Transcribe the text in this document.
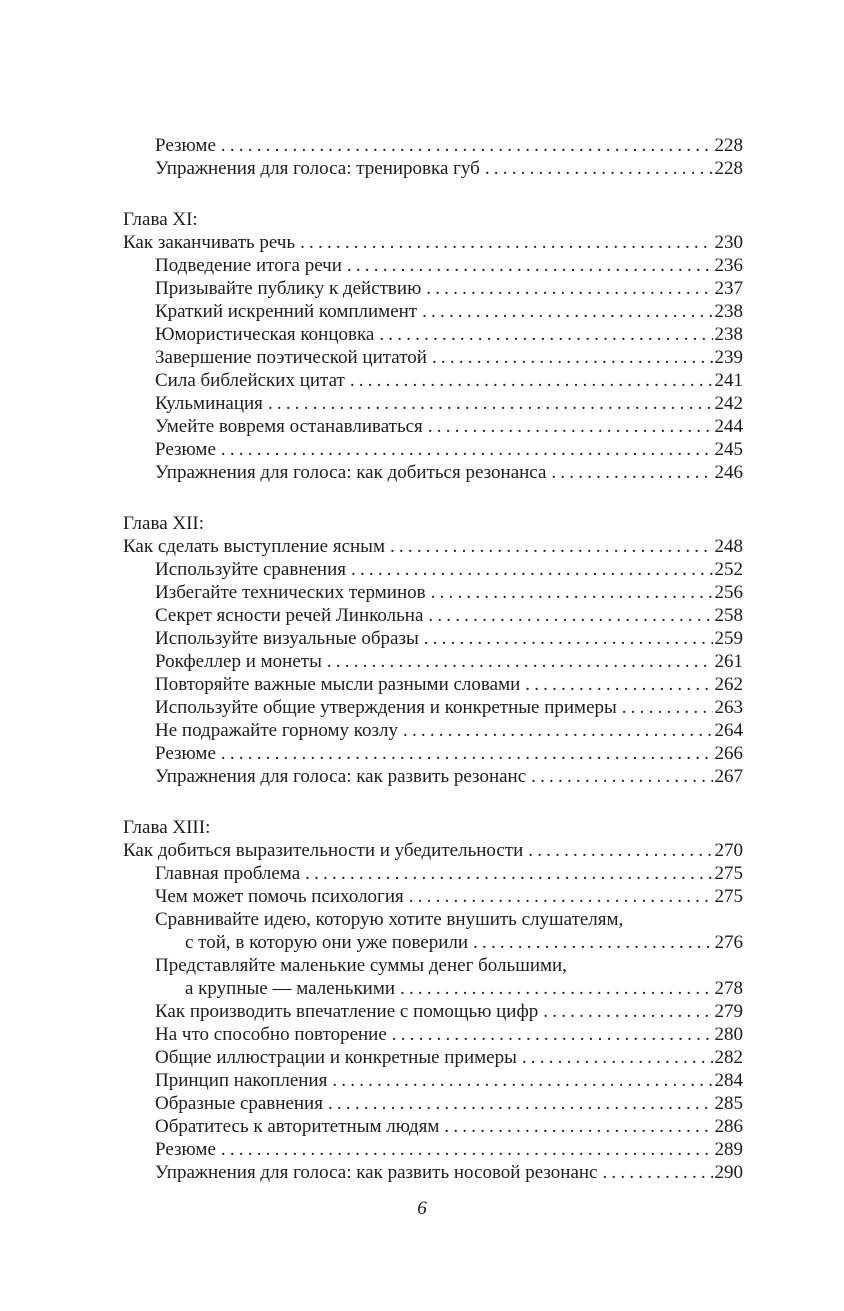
Резюме .....	228
Упражнения для голоса: тренировка губ .....	228
Глава XI:
Как заканчивать речь .....	230
Подведение итога речи .....	236
Призывайте публику к действию .....	237
Краткий искренний комплимент .....	238
Юмористическая концовка .....	238
Завершение поэтической цитатой .....	239
Сила библейских цитат .....	241
Кульминация .....	242
Умейте вовремя останавливаться .....	244
Резюме .....	245
Упражнения для голоса: как добиться резонанса .....	246
Глава XII:
Как сделать выступление ясным .....	248
Используйте сравнения .....	252
Избегайте технических терминов .....	256
Секрет ясности речей Линкольна .....	258
Используйте визуальные образы .....	259
Рокфеллер и монеты .....	261
Повторяйте важные мысли разными словами .....	262
Используйте общие утверждения и конкретные примеры .....	263
Не подражайте горному козлу .....	264
Резюме .....	266
Упражнения для голоса: как развить резонанс .....	267
Глава XIII:
Как добиться выразительности и убедительности .....	270
Главная проблема .....	275
Чем может помочь психология .....	275
Сравнивайте идею, которую хотите внушить слушателям,
с той, в которую они уже поверили .....	276
Представляйте маленькие суммы денег большими,
а крупные — маленькими .....	278
Как производить впечатление с помощью цифр .....	279
На что способно повторение .....	280
Общие иллюстрации и конкретные примеры .....	282
Принцип накопления .....	284
Образные сравнения .....	285
Обратитесь к авторитетным людям .....	286
Резюме .....	289
Упражнения для голоса: как развить носовой резонанс .....	290
6
